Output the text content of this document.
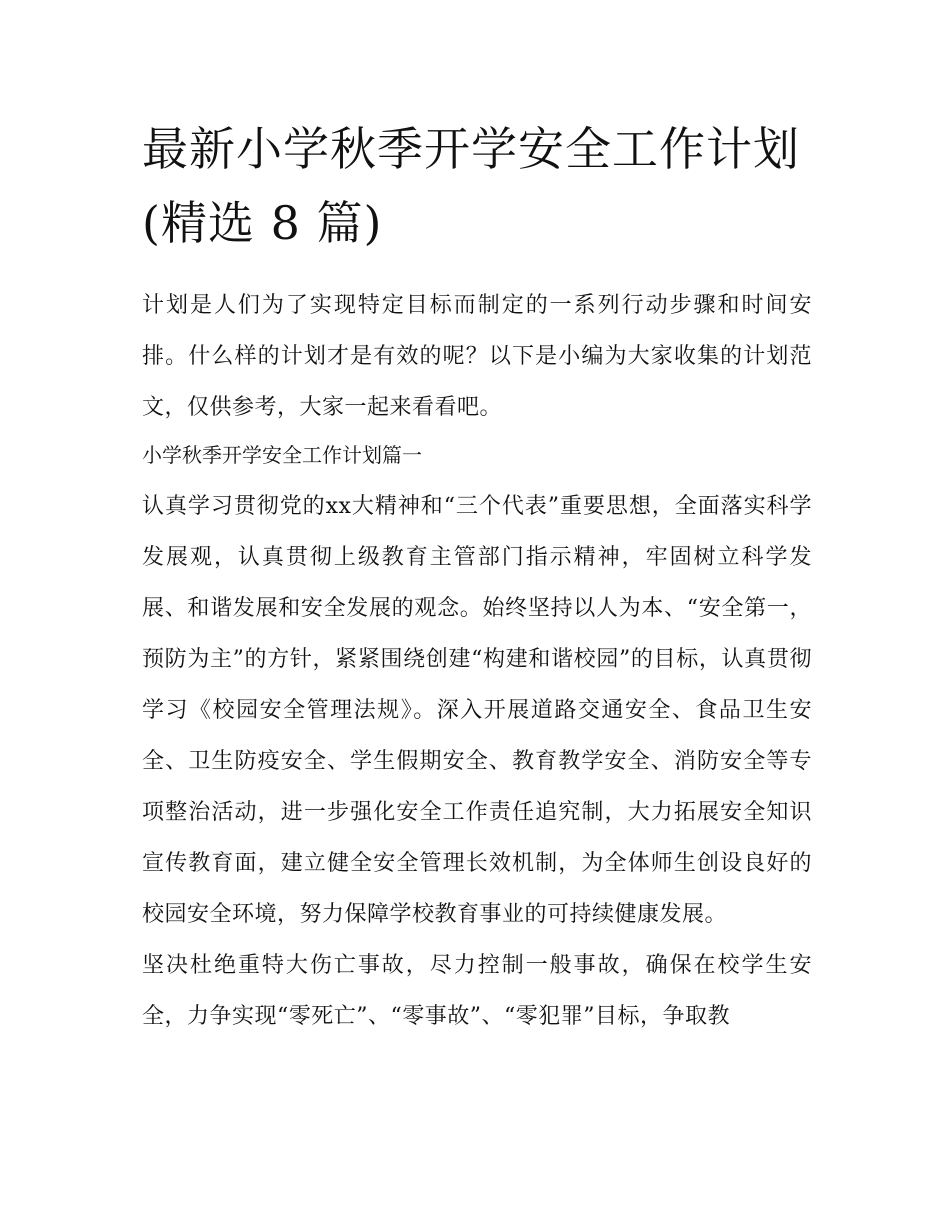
最新小学秋季开学安全工作计划(精选 8 篇)

计划是人们为了实现特定目标而制定的一系列行动步骤和时间安排。什么样的计划才是有效的呢？以下是小编为大家收集的计划范文，仅供参考，大家一起来看看吧。

小学秋季开学安全工作计划篇一

认真学习贯彻党的xx大精神和“三个代表”重要思想，全面落实科学发展观，认真贯彻上级教育主管部门指示精神，牢固树立科学发展、和谐发展和安全发展的观念。始终坚持以人为本、“安全第一，预防为主”的方针，紧紧围绕创建“构建和谐校园”的目标，认真贯彻学习《校园安全管理法规》。深入开展道路交通安全、食品卫生安全、卫生防疫安全、学生假期安全、教育教学安全、消防安全等专项整治活动，进一步强化安全工作责任追究制，大力拓展安全知识宣传教育面，建立健全安全管理长效机制，为全体师生创设良好的校园安全环境，努力保障学校教育事业的可持续健康发展。

坚决杜绝重特大伤亡事故，尽力控制一般事故，确保在校学生安全，力争实现“零死亡”、“零事故”、“零犯罪”目标，争取教
